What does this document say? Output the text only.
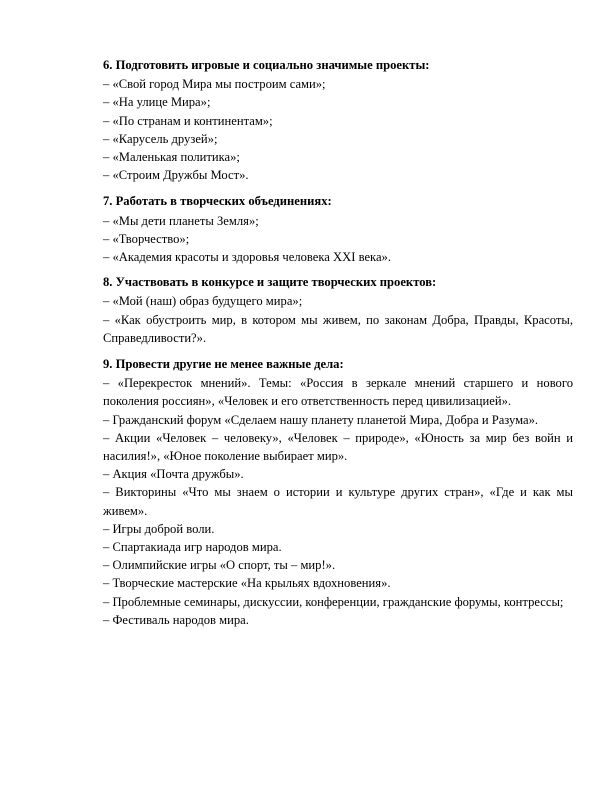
6. Подготовить игровые и социально значимые проекты:

– «Свой город Мира мы построим сами»;

– «На улице Мира»;

– «По странам и континентам»;

– «Карусель друзей»;

– «Маленькая политика»;

– «Строим Дружбы Мост».

7. Работать в творческих объединениях:

– «Мы дети планеты Земля»;

– «Творчество»;

– «Академия красоты и здоровья человека XXI века».

8. Участвовать в конкурсе и защите творческих проектов:

– «Мой (наш) образ будущего мира»;

– «Как обустроить мир, в котором мы живем, по законам Добра, Правды, Красоты, Справедливости?».

9. Провести другие не менее важные дела:

– «Перекресток мнений». Темы: «Россия в зеркале мнений старшего и нового поколения россиян», «Человек и его ответственность перед цивилизацией».

– Гражданский форум «Сделаем нашу планету планетой Мира, Добра и Разума».

– Акции «Человек – человеку», «Человек – природе», «Юность за мир без войн и насилия!», «Юное поколение выбирает мир».

– Акция «Почта дружбы».

– Викторины «Что мы знаем о истории и культуре других стран», «Где и как мы живем».

– Игры доброй воли.

– Спартакиада игр народов мира.

– Олимпийские игры «О спорт, ты – мир!».

– Творческие мастерские «На крыльях вдохновения».

– Проблемные семинары, дискуссии, конференции, гражданские форумы, контрессы;

– Фестиваль народов мира.
